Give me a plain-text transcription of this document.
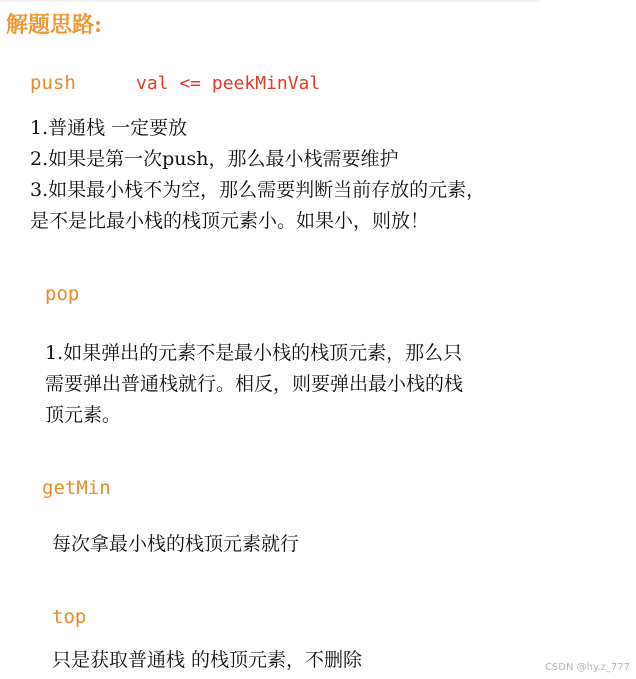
解题思路:
push	val <= peekMinVal
1.普通栈 一定要放
2.如果是第一次push，那么最小栈需要维护
3.如果最小栈不为空，那么需要判断当前存放的元素，
是不是比最小栈的栈顶元素小。如果小，则放！
pop
1.如果弹出的元素不是最小栈的栈顶元素，那么只
需要弹出普通栈就行。相反，则要弹出最小栈的栈
顶元素。
getMin
每次拿最小栈的栈顶元素就行
top
只是获取普通栈 的栈顶元素，不删除	CSDN @hy.z_777
